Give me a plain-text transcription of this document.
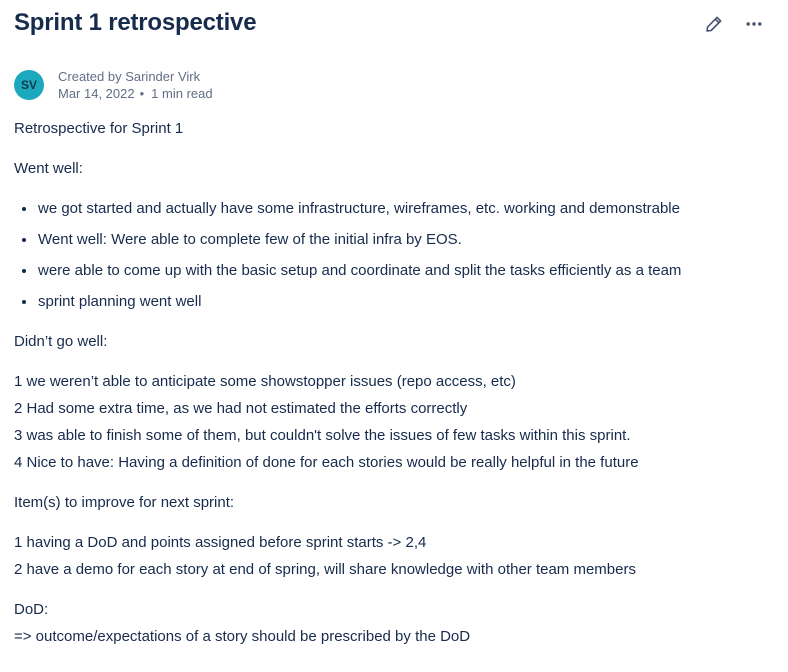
Sprint 1 retrospective
SV
Created by Sarinder Virk
Mar 14, 2022 • 1 min read

Retrospective for Sprint 1

Went well:

we got started and actually have some infrastructure, wireframes, etc. working and demonstrable
Went well: Were able to complete few of the initial infra by EOS.
were able to come up with the basic setup and coordinate and split the tasks efficiently as a team
sprint planning went well

Didn’t go well:

1 we weren’t able to anticipate some showstopper issues (repo access, etc)
2 Had some extra time, as we had not estimated the efforts correctly
3 was able to finish some of them, but couldn't solve the issues of few tasks within this sprint.
4 Nice to have: Having a definition of done for each stories would be really helpful in the future

Item(s) to improve for next sprint:

1 having a DoD and points assigned before sprint starts -> 2,4
2 have a demo for each story at end of spring, will share knowledge with other team members

DoD:
=> outcome/expectations of a story should be prescribed by the DoD
